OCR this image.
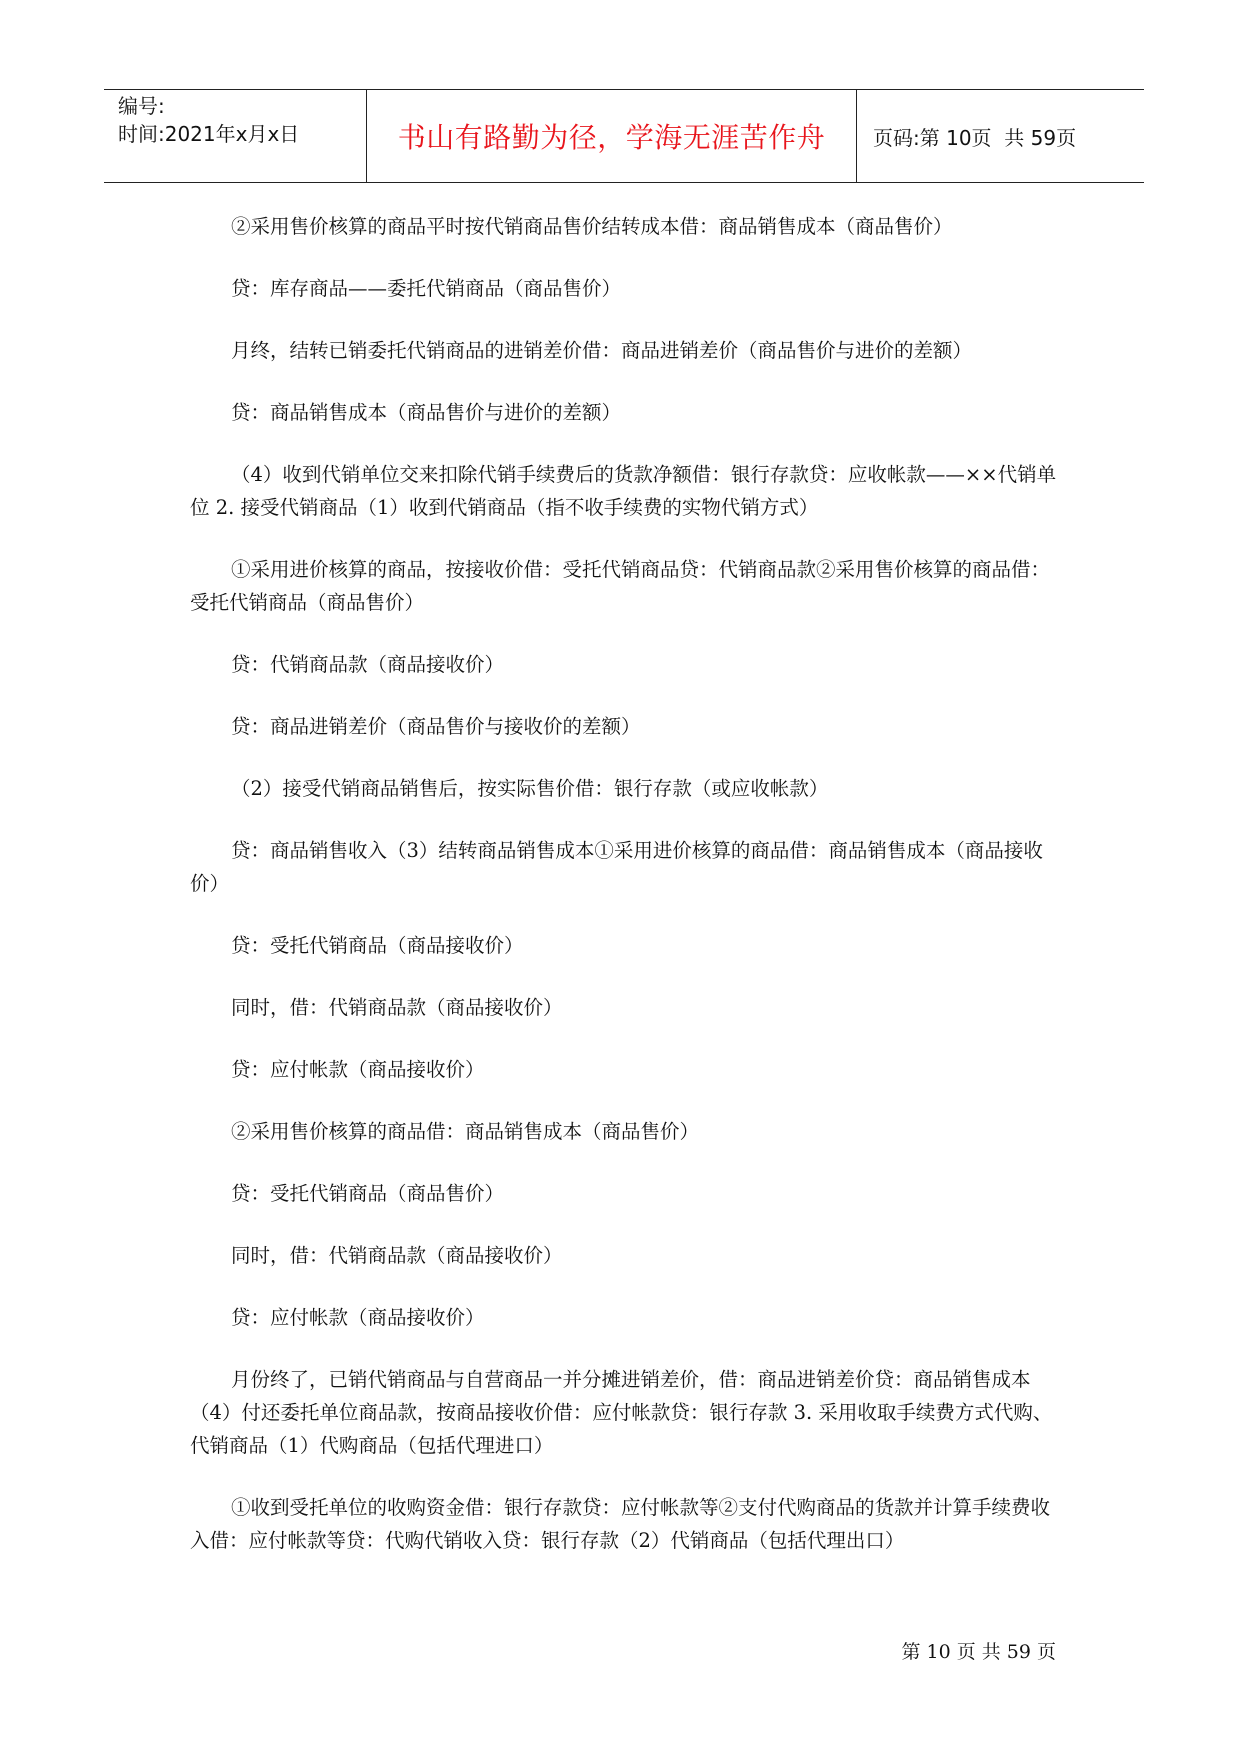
编号:
时间:2021年x月x日	书山有路勤为径，学海无涯苦作舟 页码:第 10页  共 59页

②采用售价核算的商品平时按代销商品售价结转成本借：商品销售成本（商品售价）

贷：库存商品——委托代销商品（商品售价）

月终，结转已销委托代销商品的进销差价借：商品进销差价（商品售价与进价的差额）

贷：商品销售成本（商品售价与进价的差额）

（4）收到代销单位交来扣除代销手续费后的货款净额借：银行存款贷：应收帐款——××代销单位 2. 接受代销商品（1）收到代销商品（指不收手续费的实物代销方式）

①采用进价核算的商品，按接收价借：受托代销商品贷：代销商品款②采用售价核算的商品借：受托代销商品（商品售价）

贷：代销商品款（商品接收价）

贷：商品进销差价（商品售价与接收价的差额）

（2）接受代销商品销售后，按实际售价借：银行存款（或应收帐款）

贷：商品销售收入（3）结转商品销售成本①采用进价核算的商品借：商品销售成本（商品接收价）

贷：受托代销商品（商品接收价）

同时，借：代销商品款（商品接收价）

贷：应付帐款（商品接收价）

②采用售价核算的商品借：商品销售成本（商品售价）

贷：受托代销商品（商品售价）

同时，借：代销商品款（商品接收价）

贷：应付帐款（商品接收价）

月份终了，已销代销商品与自营商品一并分摊进销差价，借：商品进销差价贷：商品销售成本（4）付还委托单位商品款，按商品接收价借：应付帐款贷：银行存款 3. 采用收取手续费方式代购、代销商品（1）代购商品（包括代理进口）

①收到受托单位的收购资金借：银行存款贷：应付帐款等②支付代购商品的货款并计算手续费收入借：应付帐款等贷：代购代销收入贷：银行存款（2）代销商品（包括代理出口）

第 10 页 共 59 页
